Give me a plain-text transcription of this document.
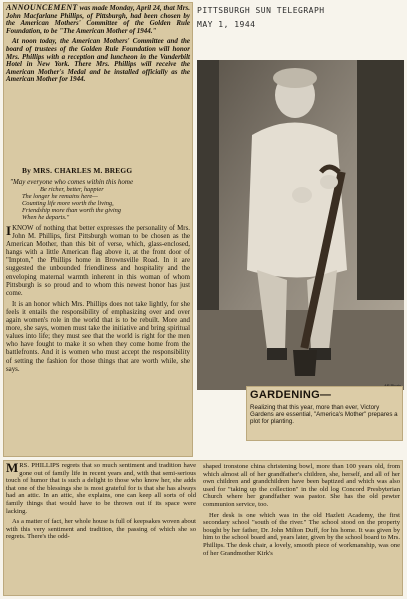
PITTSBURGH SUN TELEGRAPH
MAY 1, 1944

ANNOUNCEMENT was made Monday, April 24, that Mrs. John Macfarlane Phillips, of Pittsburgh, had been chosen by the American Mothers' Committee of the Golden Rule Foundation, to be "The American Mother of 1944."

At noon today, the American Mothers' Committee and the board of trustees of the Golden Rule Foundation will honor Mrs. Phillips with a reception and luncheon in the Vanderbilt Hotel in New York. There Mrs. Phillips will receive the American Mother's Medal and be installed officially as the American Mother for 1944.

By MRS. CHARLES M. BREGG
"May everyone who comes within this home
Be richer, better, happier
The longer he remains here—
Counting life more worth the living,
Friendship more than worth the giving
When he departs."

IKNOW of nothing that better expresses the personality of Mrs. John M. Phillips, first Pittsburgh woman to be chosen as the American Mother, than this bit of verse, which, glass-enclosed, hangs with a little American flag above it, at the front door of "Impton," the Phillips home in Brownsville Road. In it are suggested the unbounded friendliness and hospitality and the enveloping maternal warmth inherent in this woman of whom Pittsburgh is so proud and to whom this newest honor has just come.

It is an honor which Mrs. Phillips does not take lightly, for she feels it entails the responsibility of emphasizing over and over again women's role in the world that is to be rebuilt. More and more, she says, women must take the initiative and bring spiritual values into life; they must see that the world is right for the men who have fought to make it so when they come home from the battlefronts. And it is women who must accept the responsibility of setting the fashion for those things that are worth while, she says.

MRS. PHILLIPS regrets that so much sentiment and tradition have gone out of family life in recent years and, with that semi-serious touch of humor that is such a delight to those who know her, she adds that one of the blessings she is most grateful for is that she has always had an attic. In an attic, she explains, one can keep all sorts of old family things that would have to be thrown out if its space were lacking.

As a matter of fact, her whole house is full of keepsakes woven about with this very sentiment and tradition, the passing of which she so regrets. There's the odd-

shaped ironstone china christening bowl, more than 100 years old, from which almost all of her grandfather's children, she, herself, and all of her own children and grandchildren have been baptized and which was also used for "taking up the collection" in the old log Concord Presbyterian Church where her grandfather was pastor. She has the old pewter communion service, too.

Her desk is one which was in the old Hazlett Academy, the first secondary school "south of the river." The school stood on the property bought by her father, Dr. John Milton Duff, for his home. It was given by him to the school board and, years later, given by the school board to Mrs. Phillips. The desk chair, a lovely, smooth piece of workmanship, was one of her Grandmother Kirk's

GARDENING—
Realizing that this year, more than ever, Victory Gardens are essential, "America's Mother" prepares a plot for planting.
